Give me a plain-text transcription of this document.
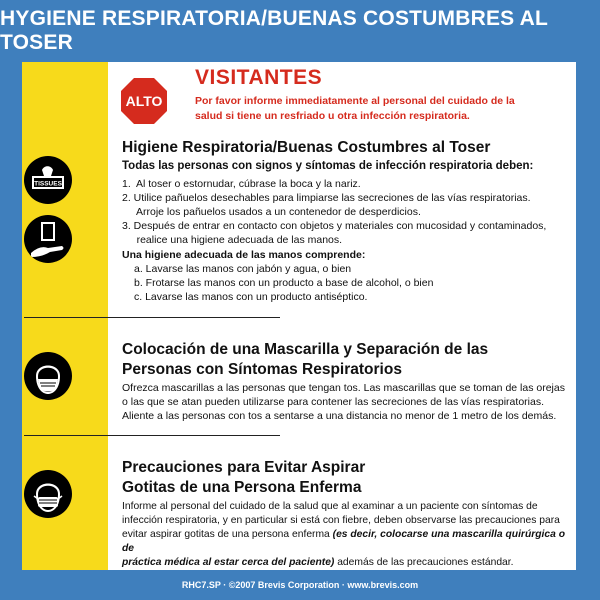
HYGIENE RESPIRATORIA/BUENAS COSTUMBRES AL TOSER
ALTO
VISITANTES
Por favor informe immediatamente al personal del cuidado de la salud si tiene un resfriado u otra infección respiratoria.
TISSUES
Higiene Respiratoria/Buenas Costumbres al Toser
Todas las personas con signos y síntomas de infección respiratoria deben:
1.  Al toser o estornudar, cúbrase la boca y la nariz.
2. Utilice pañuelos desechables para limpiarse las secreciones de las vías respiratorias.
Arroje los pañuelos usados a un contenedor de desperdicios.
3. Después de entrar en contacto con objetos y materiales con mucosidad y contaminados,
realice una higiene adecuada de las manos.
Una higiene adecuada de las manos comprende:
a. Lavarse las manos con jabón y agua, o bien
b. Frotarse las manos con un producto a base de alcohol, o bien
c. Lavarse las manos con un producto antiséptico.
Colocación de una Mascarilla y Separación de las
Personas con Síntomas Respiratorios
Ofrezca mascarillas a las personas que tengan tos. Las mascarillas que se toman de las orejas
o las que se atan pueden utilizarse para contener las secreciones de las vías respiratorias.
Aliente a las personas con tos a sentarse a una distancia no menor de 1 metro de los demás.
Precauciones para Evitar Aspirar
Gotitas de una Persona Enferma
Informe al personal del cuidado de la salud que al examinar a un paciente con síntomas de
infección respiratoria, y en particular si está con fiebre, deben observarse las precauciones para
evitar aspirar gotitas de una persona enferma (es decir, colocarse una mascarilla quirúrgica o de
práctica médica al estar cerca del paciente) además de las precauciones estándar.
RHC7.SP · ©2007 Brevis Corporation · www.brevis.com
